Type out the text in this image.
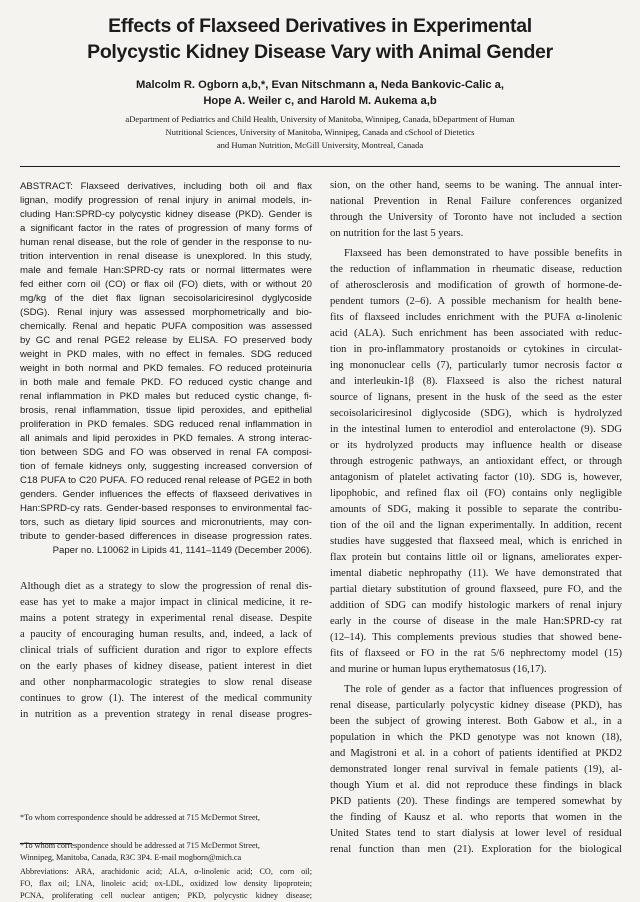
Effects of Flaxseed Derivatives in Experimental
Polycystic Kidney Disease Vary with Animal Gender
Malcolm R. Ogborn a,b,*, Evan Nitschmann a, Neda Bankovic-Calic a,
Hope A. Weiler c, and Harold M. Aukema a,b
aDepartment of Pediatrics and Child Health, University of Manitoba, Winnipeg, Canada, bDepartment of Human
Nutritional Sciences, University of Manitoba, Winnipeg, Canada and cSchool of Dietetics
and Human Nutrition, McGill University, Montreal, Canada
ABSTRACT: Flaxseed derivatives, including both oil and flax
lignan, modify progression of renal injury in animal models, in-
cluding Han:SPRD-cy polycystic kidney disease (PKD). Gender is
a significant factor in the rates of progression of many forms of
human renal disease, but the role of gender in the response to nu-
trition intervention in renal disease is unexplored. In this study,
male and female Han:SPRD-cy rats or normal littermates were
fed either corn oil (CO) or flax oil (FO) diets, with or without 20
mg/kg of the diet flax lignan secoisolariciresinol dyglycoside
(SDG). Renal injury was assessed morphometrically and bio-
chemically. Renal and hepatic PUFA composition was assessed
by GC and renal PGE2 release by ELISA. FO preserved body
weight in PKD males, with no effect in females. SDG reduced
weight in both normal and PKD females. FO reduced proteinuria
in both male and female PKD. FO reduced cystic change and
renal inflammation in PKD males but reduced cystic change, fi-
brosis, renal inflammation, tissue lipid peroxides, and epithelial
proliferation in PKD females. SDG reduced renal inflammation in
all animals and lipid peroxides in PKD females. A strong interac-
tion between SDG and FO was observed in renal FA composi-
tion of female kidneys only, suggesting increased conversion of
C18 PUFA to C20 PUFA. FO reduced renal release of PGE2 in both
genders. Gender influences the effects of flaxseed derivatives in
Han:SPRD-cy rats. Gender-based responses to environmental fac-
tors, such as dietary lipid sources and micronutrients, may con-
tribute to gender-based differences in disease progression rates.
Paper no. L10062 in Lipids 41, 1141–1149 (December 2006).
Although diet as a strategy to slow the progression of renal dis-
ease has yet to make a major impact in clinical medicine, it re-
mains a potent strategy in experimental renal disease. Despite
a paucity of encouraging human results, and, indeed, a lack of
clinical trials of sufficient duration and rigor to explore effects
on the early phases of kidney disease, patient interest in diet
and other nonpharmacologic strategies to slow renal disease
continues to grow (1). The interest of the medical community
in nutrition as a prevention strategy in renal disease progres-
*To whom correspondence should be addressed at 715 McDermot Street,
sion, on the other hand, seems to be waning. The annual inter-
national Prevention in Renal Failure conferences organized
through the University of Toronto have not included a section
on nutrition for the last 5 years.
Flaxseed has been demonstrated to have possible benefits in
the reduction of inflammation in rheumatic disease, reduction
of atherosclerosis and modification of growth of hormone-de-
pendent tumors (2–6). A possible mechanism for health bene-
fits of flaxseed includes enrichment with the PUFA α-linolenic
acid (ALA). Such enrichment has been associated with reduc-
tion in pro-inflammatory prostanoids or cytokines in circulat-
ing mononuclear cells (7), particularly tumor necrosis factor α
and interleukin-1β (8). Flaxseed is also the richest natural
source of lignans, present in the husk of the seed as the ester
secoisolariciresinol diglycoside (SDG), which is hydrolyzed
in the intestinal lumen to enterodiol and enterolactone (9). SDG
or its hydrolyzed products may influence health or disease
through estrogenic pathways, an antioxidant effect, or through
antagonism of platelet activating factor (10). SDG is, however,
lipophobic, and refined flax oil (FO) contains only negligible
amounts of SDG, making it possible to separate the contribu-
tion of the oil and the lignan experimentally. In addition, recent
studies have suggested that flaxseed meal, which is enriched in
flax protein but contains little oil or lignans, ameliorates exper-
imental diabetic nephropathy (11). We have demonstrated that
partial dietary substitution of ground flaxseed, pure FO, and the
addition of SDG can modify histologic markers of renal injury
early in the course of disease in the male Han:SPRD-cy rat
(12–14). This complements previous studies that showed bene-
fits of flaxseed or FO in the rat 5/6 nephrectomy model (15)
and murine or human lupus erythematosus (16,17).
The role of gender as a factor that influences progression of
renal disease, particularly polycystic kidney disease (PKD), has
been the subject of growing interest. Both Gabow et al., in a
population in which the PKD genotype was not known (18),
and Magistroni et al. in a cohort of patients identified at PKD2
demonstrated longer renal survival in female patients (19), al-
though Yium et al. did not reproduce these findings in black
PKD patients (20). These findings are tempered somewhat by
the finding of Kausz et al. who reports that women in the
United States tend to start dialysis at lower level of residual
renal function than men (21). Exploration for the biological
*To whom correspondence should be addressed at 715 McDermot Street,
Winnipeg, Manitoba, Canada, R3C 3P4. E-mail mogborn@mich.ca
Abbreviations: ARA, arachidonic acid; ALA, α-linolenic acid; CO, corn oil;
FO, flax oil; LNA, linoleic acid; ox-LDL, oxidized low density lipoprotein;
PCNA, proliferating cell nuclear antigen; PKD, polycystic kidney disease;
